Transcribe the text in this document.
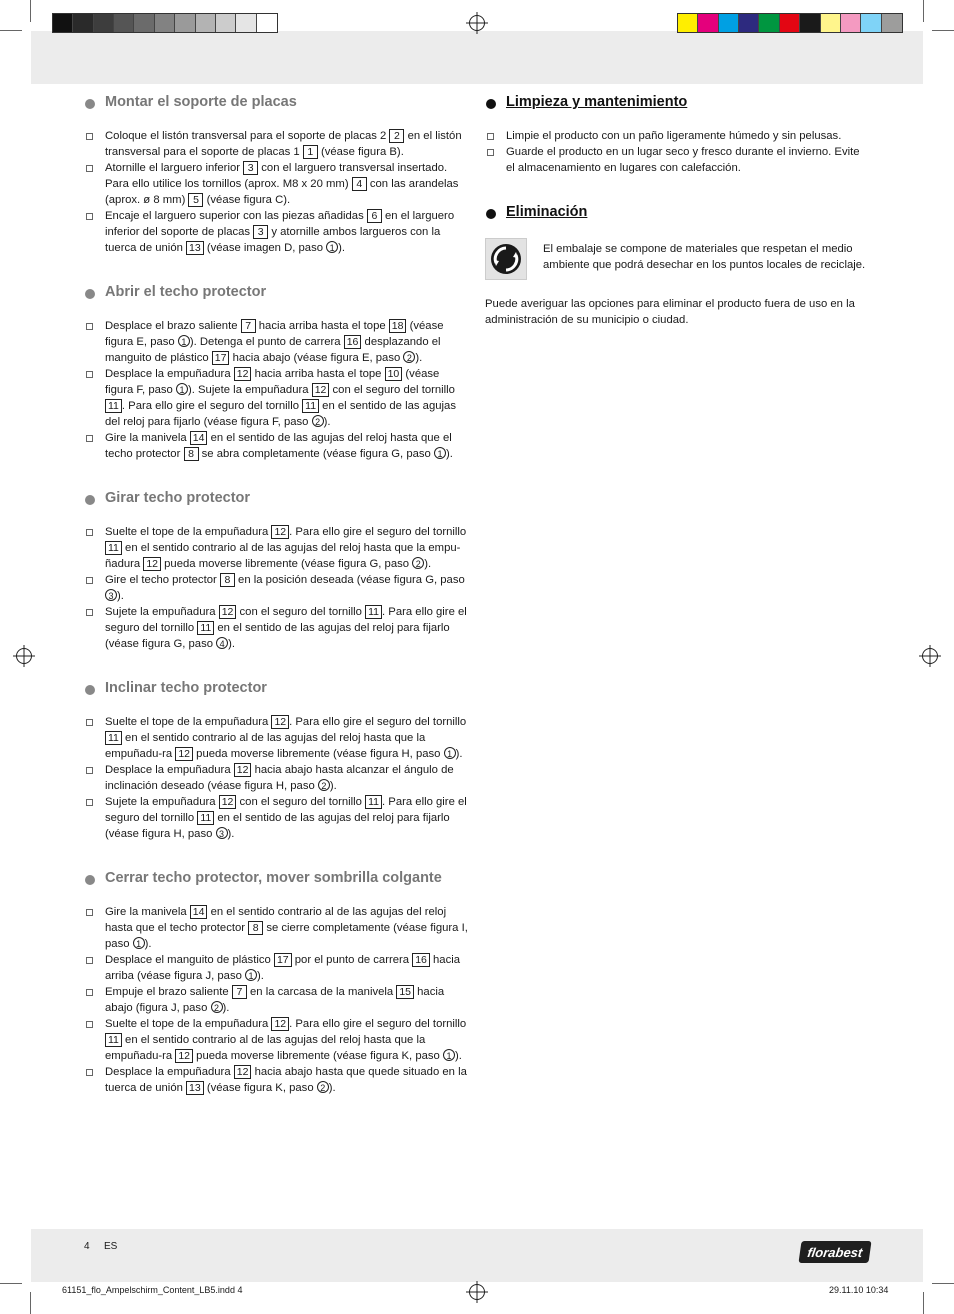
Montar el soporte de placas
Coloque el listón transversal para el soporte de placas 2 2 en el listón transversal para el soporte de placas 1 1 (véase figura B).
Atornille el larguero inferior 3 con el larguero transversal insertado. Para ello utilice los tornillos (aprox. M8 x 20 mm) 4 con las arandelas (aprox. ø 8 mm) 5 (véase figura C).
Encaje el larguero superior con las piezas añadidas 6 en el larguero inferior del soporte de placas 3 y atornille ambos largueros con la tuerca de unión 13 (véase imagen D, paso 1 ).
Abrir el techo protector
Desplace el brazo saliente 7 hacia arriba hasta el tope 18 (véase figura E, paso 1 ). Detenga el punto de carrera 16 desplazando el manguito de plástico 17 hacia abajo (véase figura E, paso 2 ).
Desplace la empuñadura 12 hacia arriba hasta el tope 10 (véase figura F, paso 1 ). Sujete la empuñadura 12 con el seguro del tornillo 11 . Para ello gire el seguro del tornillo 11 en el sentido de las agujas del reloj para fijarlo (véase figura F, paso 2 ).
Gire la manivela 14 en el sentido de las agujas del reloj hasta que el techo protector 8 se abra completamente (véase figura G, paso 1 ).
Girar techo protector
Suelte el tope de la empuñadura 12 . Para ello gire el seguro del tornillo 11 en el sentido contrario al de las agujas del reloj hasta que la empu-ñadura 12 pueda moverse libremente (véase figura G, paso 2 ).
Gire el techo protector 8 en la posición deseada (véase figura G, paso 3 ).
Sujete la empuñadura 12 con el seguro del tornillo 11 . Para ello gire el seguro del tornillo 11 en el sentido de las agujas del reloj para fijarlo (véase figura G, paso 4 ).
Inclinar techo protector
Suelte el tope de la empuñadura 12 . Para ello gire el seguro del tornillo 11 en el sentido contrario al de las agujas del reloj hasta que la empuñadu-ra 12 pueda moverse libremente (véase figura H, paso 1 ).
Desplace la empuñadura 12 hacia abajo hasta alcanzar el ángulo de inclinación deseado (véase figura H, paso 2 ).
Sujete la empuñadura 12 con el seguro del tornillo 11 . Para ello gire el seguro del tornillo 11 en el sentido de las agujas del reloj para fijarlo (véase figura H, paso 3 ).
Cerrar techo protector, mover sombrilla colgante
Gire la manivela 14 en el sentido contrario al de las agujas del reloj hasta que el techo protector 8 se cierre completamente (véase figura I, paso 1 ).
Desplace el manguito de plástico 17 por el punto de carrera 16 hacia arriba (véase figura J, paso 1 ).
Empuje el brazo saliente 7 en la carcasa de la manivela 15 hacia abajo (figura J, paso 2 ).
Suelte el tope de la empuñadura 12 . Para ello gire el seguro del tornillo 11 en el sentido contrario al de las agujas del reloj hasta que la empuñadu-ra 12 pueda moverse libremente (véase figura K, paso 1 ).
Desplace la empuñadura 12 hacia abajo hasta que quede situado en la tuerca de unión 13 (véase figura K, paso 2 ).
Limpieza y mantenimiento
Limpie el producto con un paño ligeramente húmedo y sin pelusas.
Guarde el producto en un lugar seco y fresco durante el invierno. Evite el almacenamiento en lugares con calefacción.
Eliminación

El embalaje se compone de materiales que respetan el medio ambiente que podrá desechar en los puntos locales de reciclaje.

Puede averiguar las opciones para eliminar el producto fuera de uso en la administración de su municipio o ciudad.

4 ES	florabest
61151_flo_Ampelschirm_Content_LB5.indd 4	29.11.10 10:34
